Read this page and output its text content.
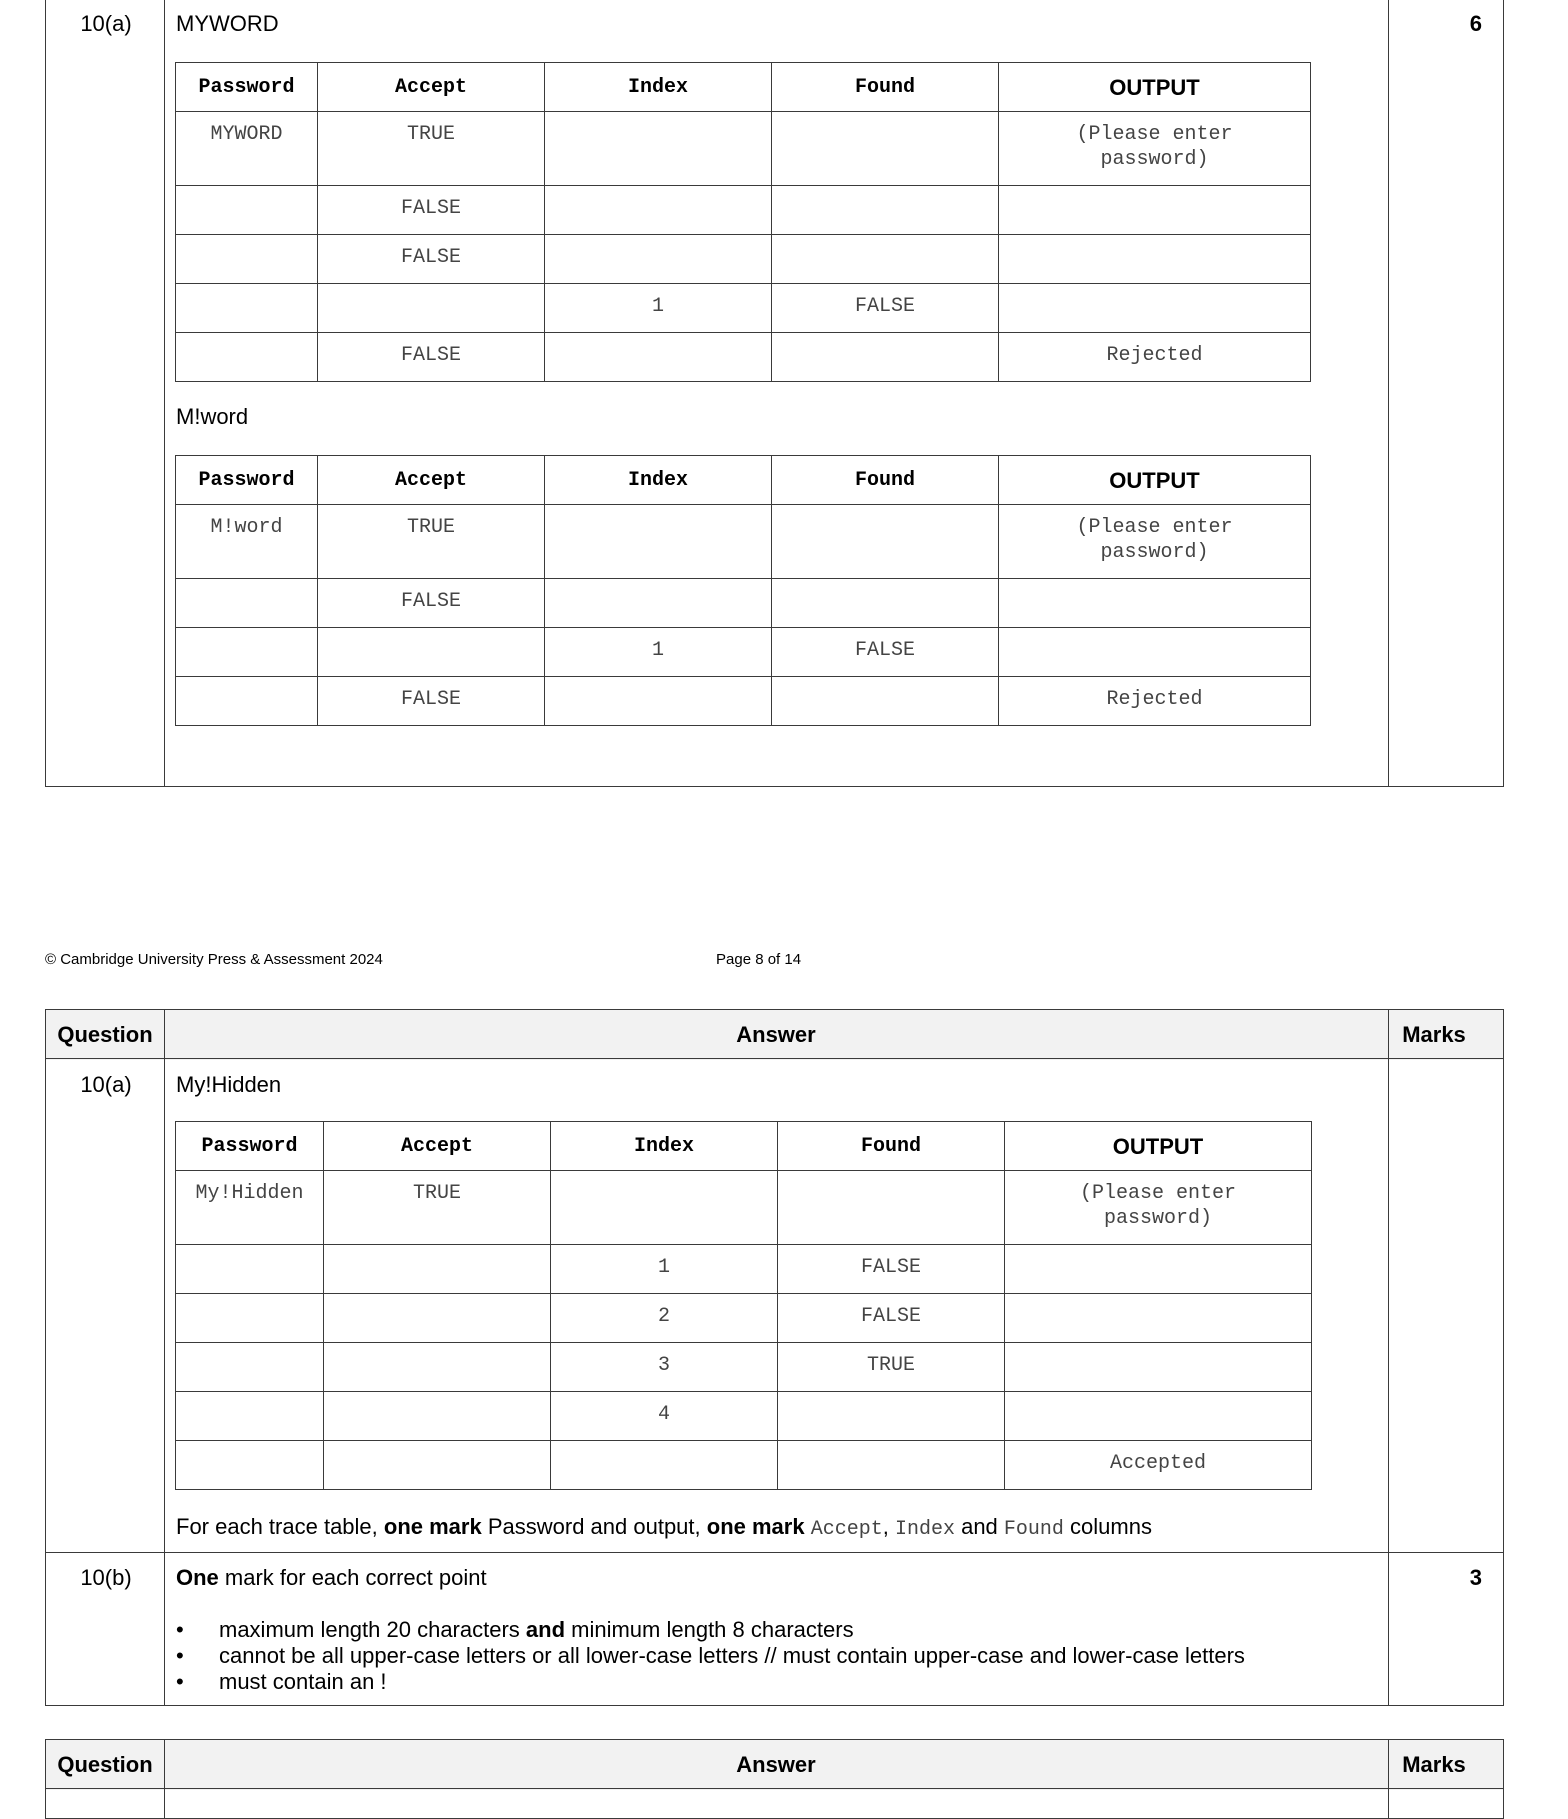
10(a)	6
MYWORD
M!word
Password	Accept	Index	Found	OUTPUT
MYWORD	TRUE			(Please enter
password)
	FALSE			
	FALSE			
		1	FALSE	
	FALSE			Rejected
Password	Accept	Index	Found	OUTPUT
M!word	TRUE			(Please enter
password)
	FALSE			
		1	FALSE	
	FALSE			Rejected
© Cambridge University Press & Assessment 2024	Page 8 of 14
Question	Answer	Marks
10(a)	My!Hidden
For each trace table, one mark Password and output, one mark Accept, Index and Found columns
10(b)	3
One mark for each correct point
• maximum length 20 characters and minimum length 8 characters
• cannot be all upper-case letters or all lower-case letters // must contain upper-case and lower-case letters
• must contain an !
Password	Accept	Index	Found	OUTPUT
My!Hidden	TRUE			(Please enter
password)
		1	FALSE	
		2	FALSE	
		3	TRUE	
		4		
				Accepted
Question	Answer	Marks
